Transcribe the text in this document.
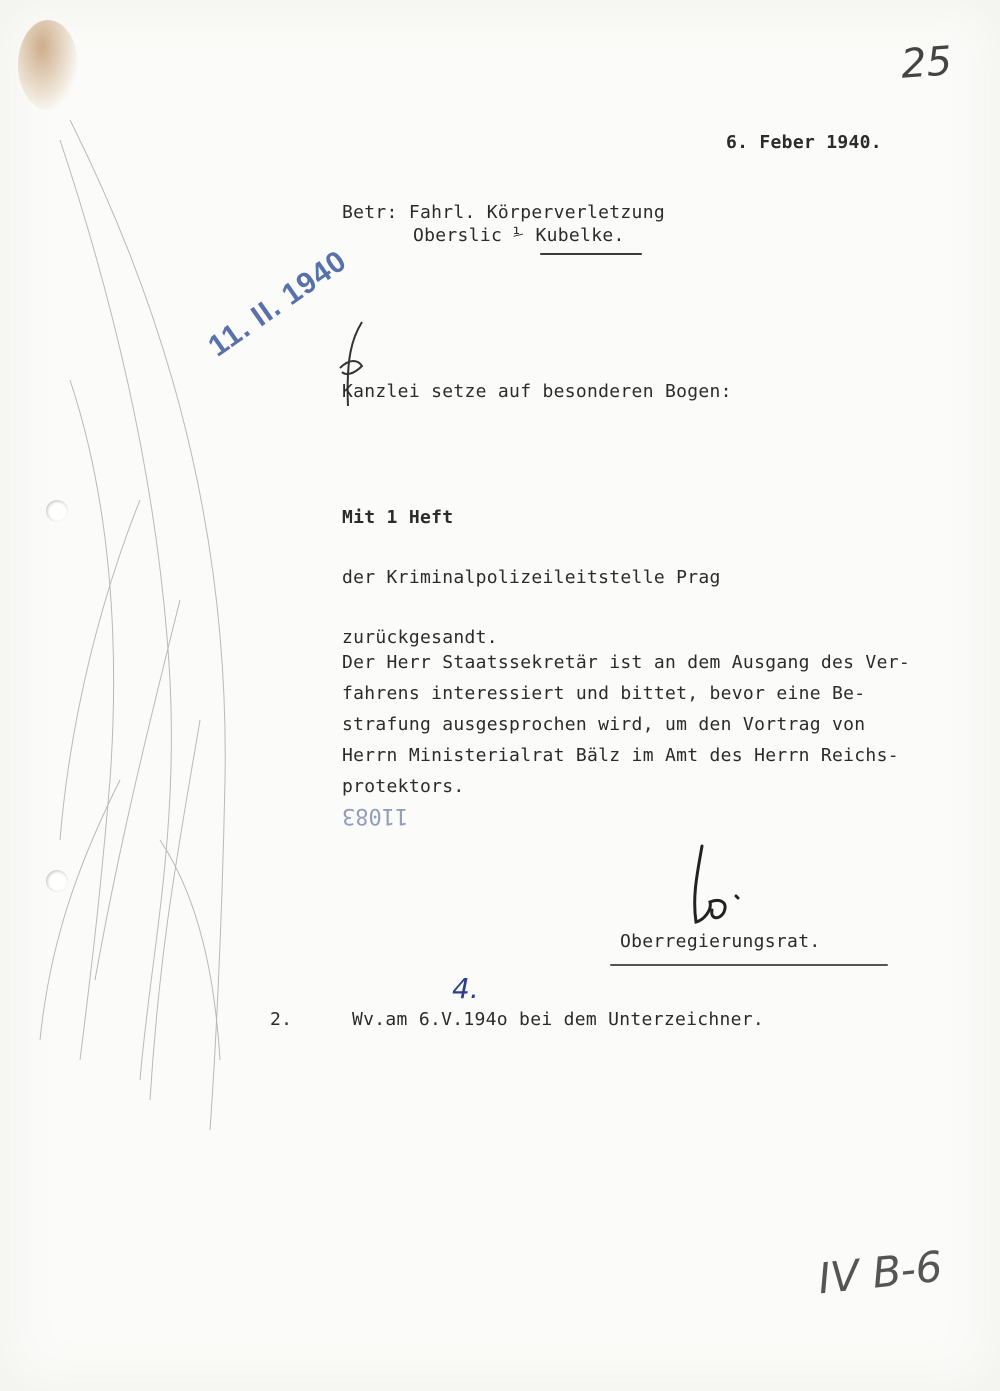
25
6. Feber 1940.
Betr: Fahrl. Körperverletzung
Oberslic ⅟ Kubelke.
11. II. 1940
Kanzlei setze auf besonderen Bogen:
Mit 1 Heft
der Kriminalpolizeileitstelle Prag
zurückgesandt.
Der Herr Staatssekretär ist an dem Ausgang des Ver-
fahrens interessiert und bittet, bevor eine Be-
strafung ausgesprochen wird, um den Vortrag von
Herrn Ministerialrat Bälz im Amt des Herrn Reichs-
protektors.
11083
Oberregierungsrat.
2.	Wv.am 6.V.194o bei dem Unterzeichner.
4.
IV B-6
